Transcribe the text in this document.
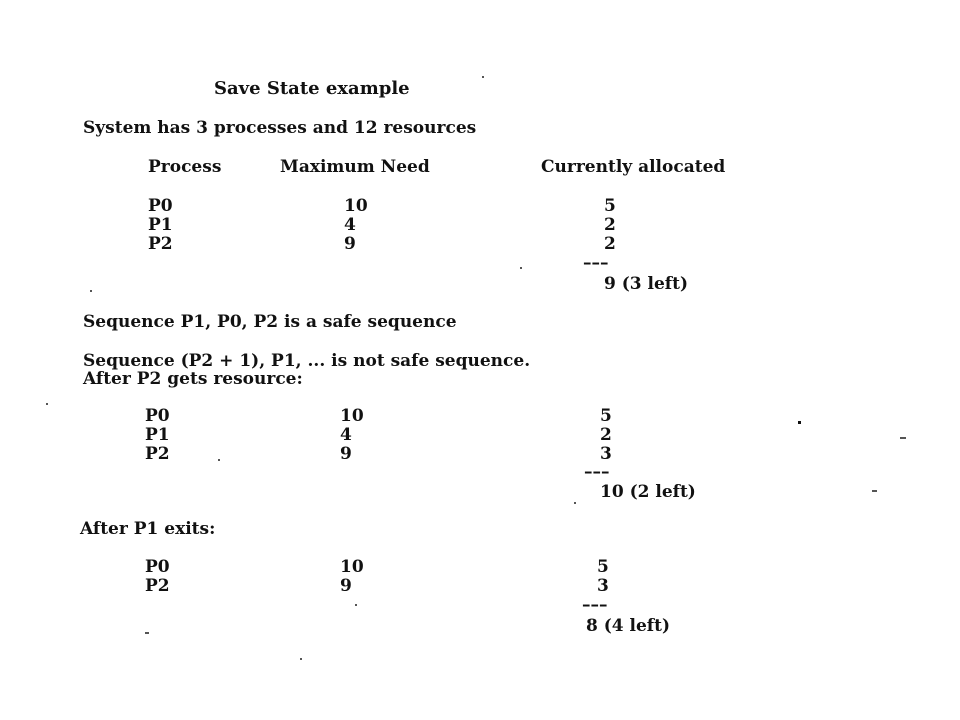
Save State example
System has 3 processes and 12 resources
Process	Maximum Need	Currently allocated
P0	10	5
P1	4	2
P2	9	2
–––
9 (3 left)
Sequence P1, P0, P2 is a safe sequence
Sequence (P2 + 1), P1, ... is not safe sequence.
After P2 gets resource:
P0	10	5
P1	4	2
P2	9	3
–––
10 (2 left)
After P1 exits:
P0	10	5
P2	9	3
–––
8 (4 left)
